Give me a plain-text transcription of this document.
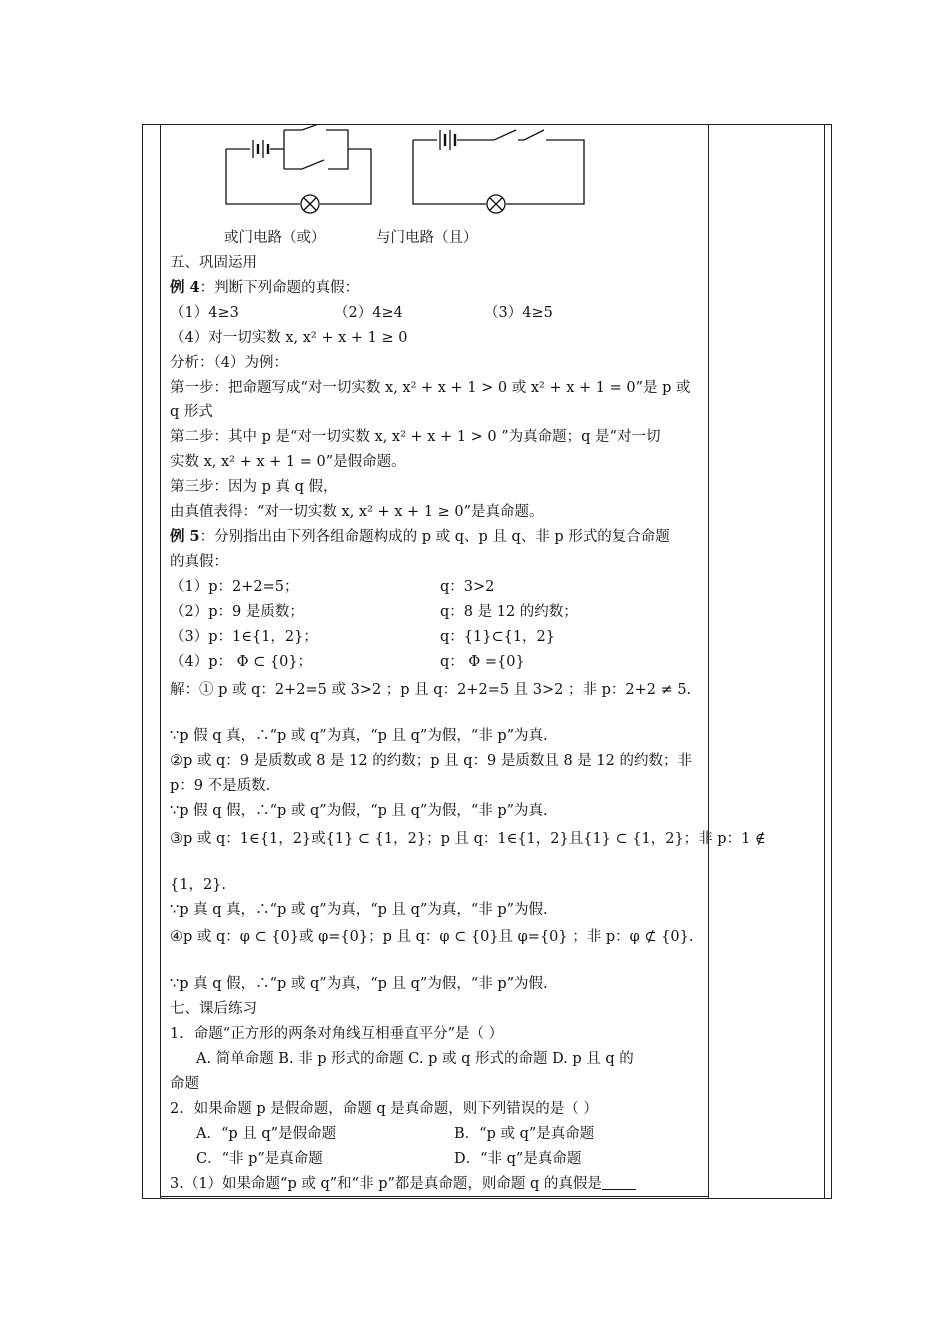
或门电路（或）	与门电路（且）
五、巩固运用
例 4：判断下列命题的真假：
（1）4≥3	（2）4≥4	（3）4≥5
（4）对一切实数 x, x² + x + 1 ≥ 0
分析：（4）为例：
第一步：把命题写成“对一切实数 x, x² + x + 1 > 0 或 x² + x + 1 = 0”是 p 或
q 形式
第二步：其中 p 是“对一切实数 x, x² + x + 1 > 0 ”为真命题；q 是“对一切
实数 x, x² + x + 1 = 0”是假命题。
第三步：因为 p 真 q 假，
由真值表得：“对一切实数 x, x² + x + 1 ≥ 0”是真命题。
例 5：分别指出由下列各组命题构成的 p 或 q、p 且 q、非 p 形式的复合命题
的真假：
（1）p：2+2=5；	q：3>2
（2）p：9 是质数；	q：8 是 12 的约数；
（3）p：1∈{1，2}；	q：{1}⊂{1，2}
（4）p： Φ ⊂ {0}；	q： Φ ={0}
解：① p 或 q：2+2=5 或 3>2 ；p 且 q：2+2=5 且 3>2 ；非 p：2+2 ≠ 5.
∵p 假 q 真，∴“p 或 q”为真，“p 且 q”为假，“非 p”为真.
②p 或 q：9 是质数或 8 是 12 的约数；p 且 q：9 是质数且 8 是 12 的约数；非
p：9 不是质数.
∵p 假 q 假，∴“p 或 q”为假，“p 且 q”为假，“非 p”为真.
③p 或 q：1∈{1，2}或{1} ⊂ {1，2}；p 且 q：1∈{1，2}且{1} ⊂ {1，2}；非 p：1 ∉
{1，2}.
∵p 真 q 真，∴“p 或 q”为真，“p 且 q”为真，“非 p”为假.
④p 或 q：φ ⊂ {0}或 φ={0}；p 且 q：φ ⊂ {0}且 φ={0} ；非 p：φ ⊄ {0}.
∵p 真 q 假，∴“p 或 q”为真，“p 且 q”为假，“非 p”为假.
七、课后练习
1．命题“正方形的两条对角线互相垂直平分”是（ ）
A. 简单命题 B. 非 p 形式的命题 C. p 或 q 形式的命题 D. p 且 q 的
命题
2．如果命题 p 是假命题，命题 q 是真命题，则下列错误的是（ ）
A．“p 且 q”是假命题	B．“p 或 q”是真命题
C．“非 p”是真命题	D．“非 q”是真命题
3.（1）如果命题“p 或 q”和“非 p”都是真命题，则命题 q 的真假是
